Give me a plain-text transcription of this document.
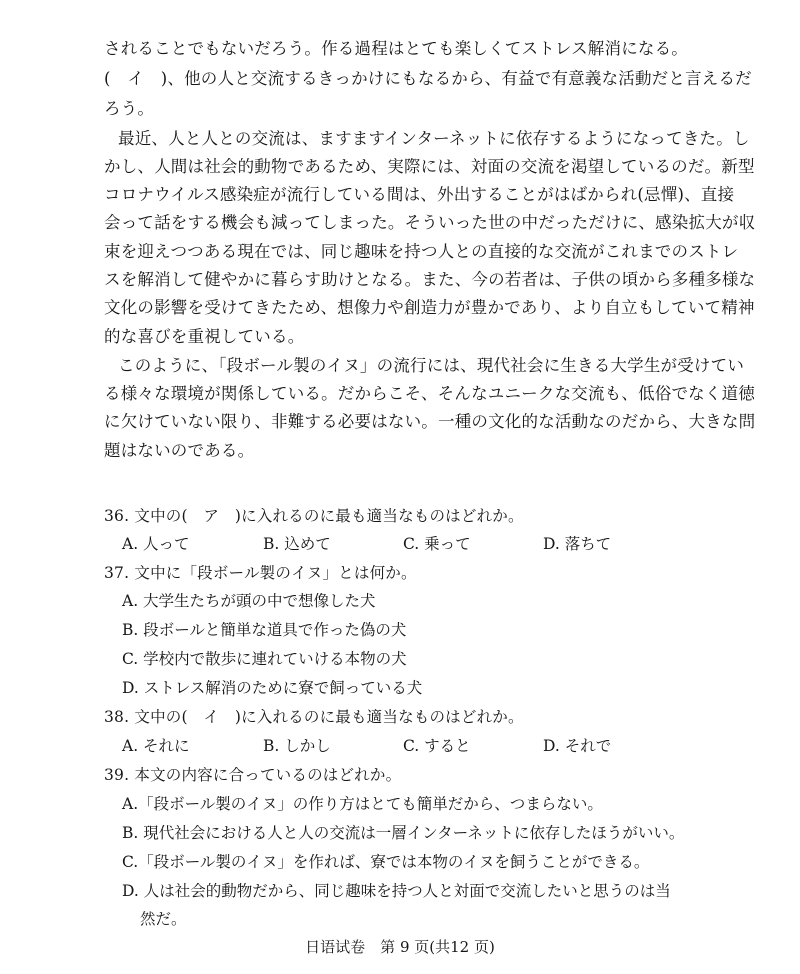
されることでもないだろう。作る過程はとても楽しくてストレス解消になる。
(　イ　)、他の人と交流するきっかけにもなるから、有益で有意義な活動だと言えるだ
ろう。
最近、人と人との交流は、ますますインターネットに依存するようになってきた。し
かし、人間は社会的動物であるため、実際には、対面の交流を渇望しているのだ。新型
コロナウイルス感染症が流行している間は、外出することがはばかられ(忌憚)、直接
会って話をする機会も減ってしまった。そういった世の中だっただけに、感染拡大が収
束を迎えつつある現在では、同じ趣味を持つ人との直接的な交流がこれまでのストレ
スを解消して健やかに暮らす助けとなる。また、今の若者は、子供の頃から多種多様な
文化の影響を受けてきたため、想像力や創造力が豊かであり、より自立もしていて精神
的な喜びを重視している。
このように、「段ボール製のイヌ」の流行には、現代社会に生きる大学生が受けてい
る様々な環境が関係している。だからこそ、そんなユニークな交流も、低俗でなく道徳
に欠けていない限り、非難する必要はない。一種の文化的な活動なのだから、大きな問
題はないのである。
36. 文中の(　ア　)に入れるのに最も適当なものはどれか。
A. 人って	B. 込めて	C. 乗って	D. 落ちて
37. 文中に「段ボール製のイヌ」とは何か。
A. 大学生たちが頭の中で想像した犬
B. 段ボールと簡単な道具で作った偽の犬
C. 学校内で散歩に連れていける本物の犬
D. ストレス解消のために寮で飼っている犬
38. 文中の(　イ　)に入れるのに最も適当なものはどれか。
A. それに	B. しかし	C. すると	D. それで
39. 本文の内容に合っているのはどれか。
A.「段ボール製のイヌ」の作り方はとても簡単だから、つまらない。
B. 現代社会における人と人の交流は一層インターネットに依存したほうがいい。
C.「段ボール製のイヌ」を作れば、寮では本物のイヌを飼うことができる。
D. 人は社会的動物だから、同じ趣味を持つ人と対面で交流したいと思うのは当
然だ。
日语试卷　第 9 页(共12 页)
